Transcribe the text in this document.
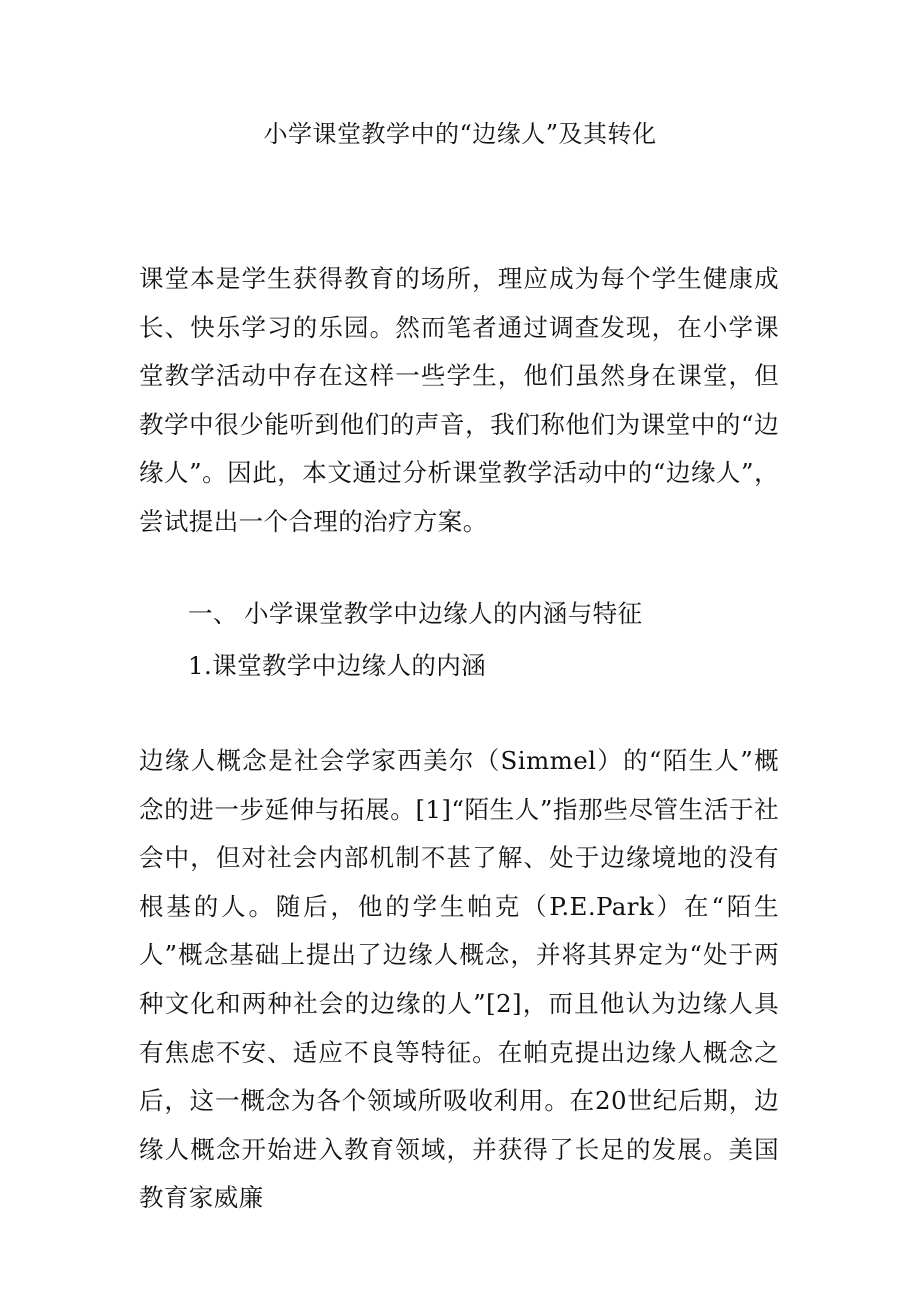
小学课堂教学中的“边缘人”及其转化

课堂本是学生获得教育的场所，理应成为每个学生健康成长、快乐学习的乐园。然而笔者通过调查发现，在小学课堂教学活动中存在这样一些学生，他们虽然身在课堂，但教学中很少能听到他们的声音，我们称他们为课堂中的“边缘人”。因此，本文通过分析课堂教学活动中的“边缘人”，尝试提出一个合理的治疗方案。

一、 小学课堂教学中边缘人的内涵与特征
1.课堂教学中边缘人的内涵

边缘人概念是社会学家西美尔（Simmel）的“陌生人”概念的进一步延伸与拓展。[1]“陌生人”指那些尽管生活于社会中，但对社会内部机制不甚了解、处于边缘境地的没有根基的人。随后，他的学生帕克（P.E.Park）在“陌生人”概念基础上提出了边缘人概念，并将其界定为“处于两种文化和两种社会的边缘的人”[2]，而且他认为边缘人具有焦虑不安、适应不良等特征。在帕克提出边缘人概念之后，这一概念为各个领域所吸收利用。在20世纪后期，边缘人概念开始进入教育领域，并获得了长足的发展。美国教育家威廉
